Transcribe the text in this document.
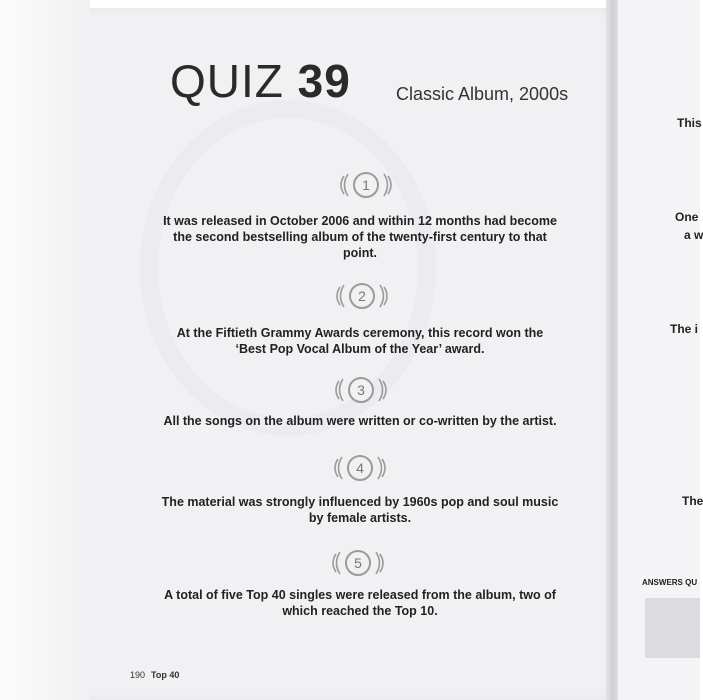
QUIZ 39	Classic Album, 2000s
1
It was released in October 2006 and within 12 months had become the second bestselling album of the twenty-first century to that point.
2
At the Fiftieth Grammy Awards ceremony, this record won the ‘Best Pop Vocal Album of the Year’ award.
3
All the songs on the album were written or co-written by the artist.
4
The material was strongly influenced by 1960s pop and soul music by female artists.
5
A total of five Top 40 singles were released from the album, two of which reached the Top 10.
190 Top 40
This
One
a w
The i
The
ANSWERS QU
